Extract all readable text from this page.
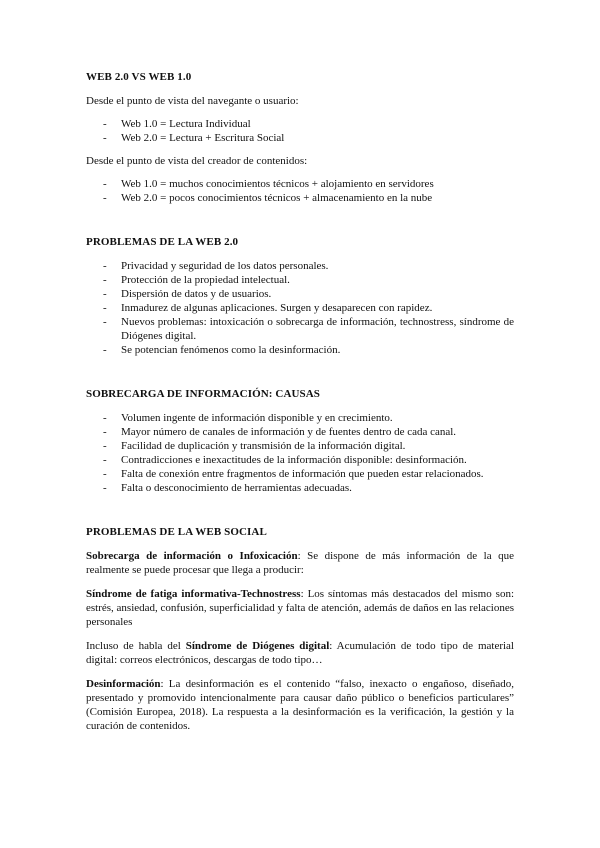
WEB 2.0 VS WEB 1.0

Desde el punto de vista del navegante o usuario:

- Web 1.0 = Lectura Individual
- Web 2.0 = Lectura + Escritura Social

Desde el punto de vista del creador de contenidos:

- Web 1.0 = muchos conocimientos técnicos + alojamiento en servidores
- Web 2.0 = pocos conocimientos técnicos + almacenamiento en la nube
PROBLEMAS DE LA WEB 2.0
- Privacidad y seguridad de los datos personales.
- Protección de la propiedad intelectual.
- Dispersión de datos y de usuarios.
- Inmadurez de algunas aplicaciones. Surgen y desaparecen con rapidez.
- Nuevos problemas: intoxicación o sobrecarga de información, technostress, síndrome de Diógenes digital.
- Se potencian fenómenos como la desinformación.
SOBRECARGA DE INFORMACIÓN: CAUSAS
- Volumen ingente de información disponible y en crecimiento.
- Mayor número de canales de información y de fuentes dentro de cada canal.
- Facilidad de duplicación y transmisión de la información digital.
- Contradicciones e inexactitudes de la información disponible: desinformación.
- Falta de conexión entre fragmentos de información que pueden estar relacionados.
- Falta o desconocimiento de herramientas adecuadas.
PROBLEMAS DE LA WEB SOCIAL

Sobrecarga de información o Infoxicación: Se dispone de más información de la que realmente se puede procesar que llega a producir:

Síndrome de fatiga informativa-Technostress: Los síntomas más destacados del mismo son: estrés, ansiedad, confusión, superficialidad y falta de atención, además de daños en las relaciones personales

Incluso de habla del Síndrome de Diógenes digital: Acumulación de todo tipo de material digital: correos electrónicos, descargas de todo tipo…

Desinformación: La desinformación es el contenido “falso, inexacto o engañoso, diseñado, presentado y promovido intencionalmente para causar daño público o beneficios particulares” (Comisión Europea, 2018). La respuesta a la desinformación es la verificación, la gestión y la curación de contenidos.
